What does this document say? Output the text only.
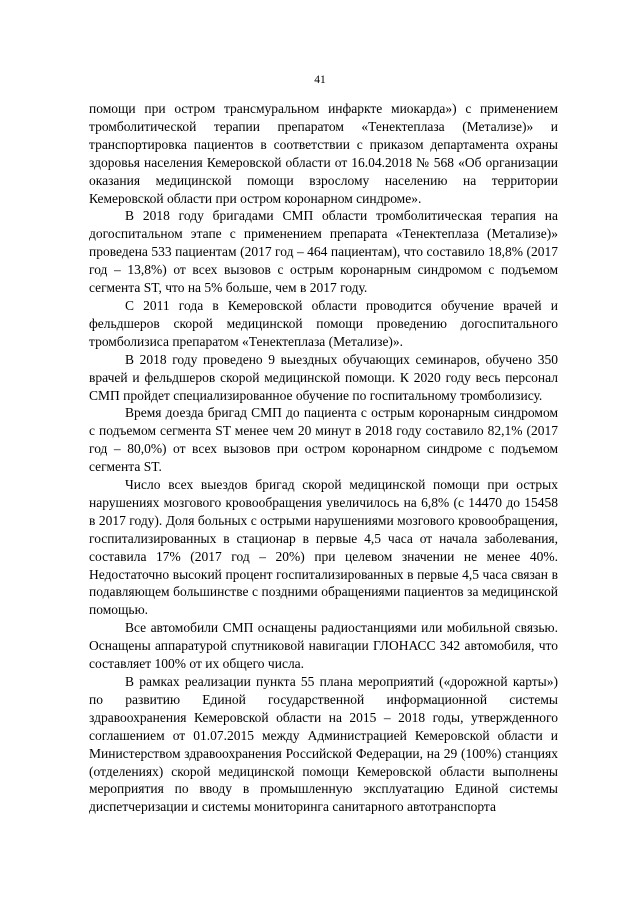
41

помощи при остром трансмуральном инфаркте миокарда») с применением тромболитической терапии препаратом «Тенектеплаза (Метализе)» и транспортировка пациентов в соответствии с приказом департамента охраны здоровья населения Кемеровской области от 16.04.2018 № 568 «Об организации оказания медицинской помощи взрослому населению на территории Кемеровской области при остром коронарном синдроме».

В 2018 году бригадами СМП области тромболитическая терапия на догоспитальном этапе с применением препарата «Тенектеплаза (Метализе)» проведена 533 пациентам (2017 год – 464 пациентам), что составило 18,8% (2017 год – 13,8%) от всех вызовов с острым коронарным синдромом с подъемом сегмента ST, что на 5% больше, чем в 2017 году.

С 2011 года в Кемеровской области проводится обучение врачей и фельдшеров скорой медицинской помощи проведению догоспитального тромболизиса препаратом «Тенектеплаза (Метализе)».

В 2018 году проведено 9 выездных обучающих семинаров, обучено 350 врачей и фельдшеров скорой медицинской помощи. К 2020 году весь персонал СМП пройдет специализированное обучение по госпитальному тромболизису.

Время доезда бригад СМП до пациента с острым коронарным синдромом с подъемом сегмента ST менее чем 20 минут в 2018 году составило 82,1% (2017 год – 80,0%) от всех вызовов при остром коронарном синдроме с подъемом сегмента ST.

Число всех выездов бригад скорой медицинской помощи при острых нарушениях мозгового кровообращения увеличилось на 6,8% (с 14470 до 15458 в 2017 году). Доля больных с острыми нарушениями мозгового кровообращения, госпитализированных в стационар в первые 4,5 часа от начала заболевания, составила 17% (2017 год – 20%) при целевом значении не менее 40%. Недостаточно высокий процент госпитализированных в первые 4,5 часа связан в подавляющем большинстве с поздними обращениями пациентов за медицинской помощью.

Все автомобили СМП оснащены радиостанциями или мобильной связью. Оснащены аппаратурой спутниковой навигации ГЛОНАСС 342 автомобиля, что составляет 100% от их общего числа.

В рамках реализации пункта 55 плана мероприятий («дорожной карты») по развитию Единой государственной информационной системы здравоохранения Кемеровской области на 2015 – 2018 годы, утвержденного соглашением от 01.07.2015 между Администрацией Кемеровской области и Министерством здравоохранения Российской Федерации, на 29 (100%) станциях (отделениях) скорой медицинской помощи Кемеровской области выполнены мероприятия по вводу в промышленную эксплуатацию Единой системы диспетчеризации и системы мониторинга санитарного автотранспорта
